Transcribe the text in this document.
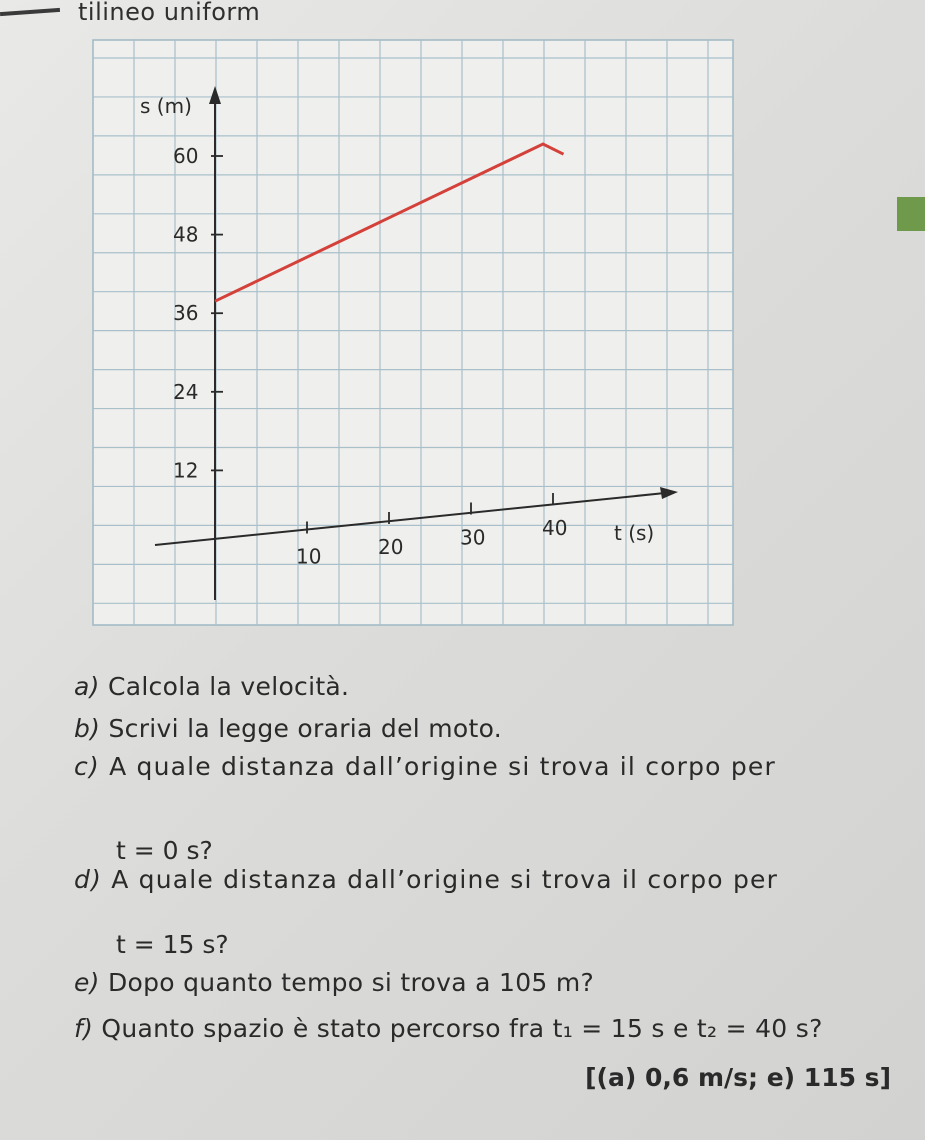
tilineo uniform
10	20	30	40
12
24
36
48
60
t (s)
s (m)
a) Calcola la velocità.
b) Scrivi la legge oraria del moto.
c) A quale distanza dall’origine si trova il corpo per
t = 0 s?
d) A quale distanza dall’origine si trova il corpo per
t = 15 s?
e) Dopo quanto tempo si trova a 105 m?
f) Quanto spazio è stato percorso fra t₁ = 15 s e t₂ = 40 s?
[(a) 0,6 m/s; e) 115 s]
